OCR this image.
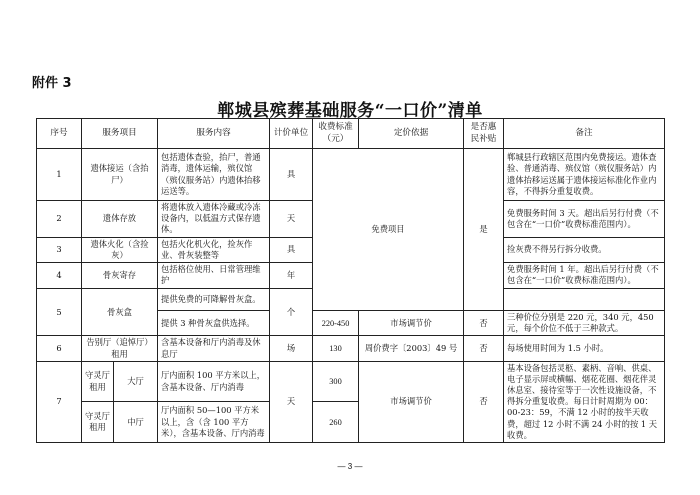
附件 3
郸城县殡葬基础服务“一口价”清单
序号	服务项目		服务内容	计价单位	收费标准（元）	定价依据	是否惠民补贴	备注
1	遗体接运（含抬尸）		包括遗体查验，抬尸，普通消毒，遗体运输，殡仪馆（殡仪服务站）内遗体抬移运送等。	具	免费项目		是	郸城县行政辖区范围内免费接运。遗体查验、普通消毒、殡仪馆（殡仪服务站）内遗体抬移运送属于遗体接运标准化作业内容，不得拆分重复收费。
2	遗体存放		将遗体放入遗体冷藏或冷冻设备内，以低温方式保存遗体。	天				免费服务时间 3 天。超出后另行付费（不包含在“一口价”收费标准范围内）。
3	遗体火化（含捡灰）		包括火化机火化，捡灰作业、骨灰装整等	具				捡灰费不得另行拆分收费。
4	骨灰寄存		包括格位使用、日常管理维护	年				免费服务时间 1 年。超出后另行付费（不包含在“一口价”收费标准范围内）。
5	骨灰盒		提供免费的可降解骨灰盒。	个				
			提供 3 种骨灰盒供选择。		220-450	市场调节价	否	三种价位分别是 220 元，340 元，450 元，每个价位不低于三种款式。
6	告别厅（追悼厅）租用		含基本设备和厅内消毒及休息厅	场	130	周价费字〔2003〕49 号	否	每场使用时间为 1.5 小时。
7	守灵厅租用	大厅	厅内面积 100 平方米以上，含基本设备、厅内消毒	天	300	市场调节价	否	基本设备包括灵柩、素柄、音响、供桌、电子显示屏或横幅、烟花花圈、烟花伴灵休息室、接待室等于一次性设施设备，不得拆分重复收费。每日计时周期为 00：00-23：59，不满 12 小时的按半天收费，超过 12 小时不满 24 小时的按 1 天收费。
	守灵厅租用	中厅	厅内面积 50—100 平方米以上，含（含 100 平方米），含基本设备、厅内消毒		260			
— 3 —
